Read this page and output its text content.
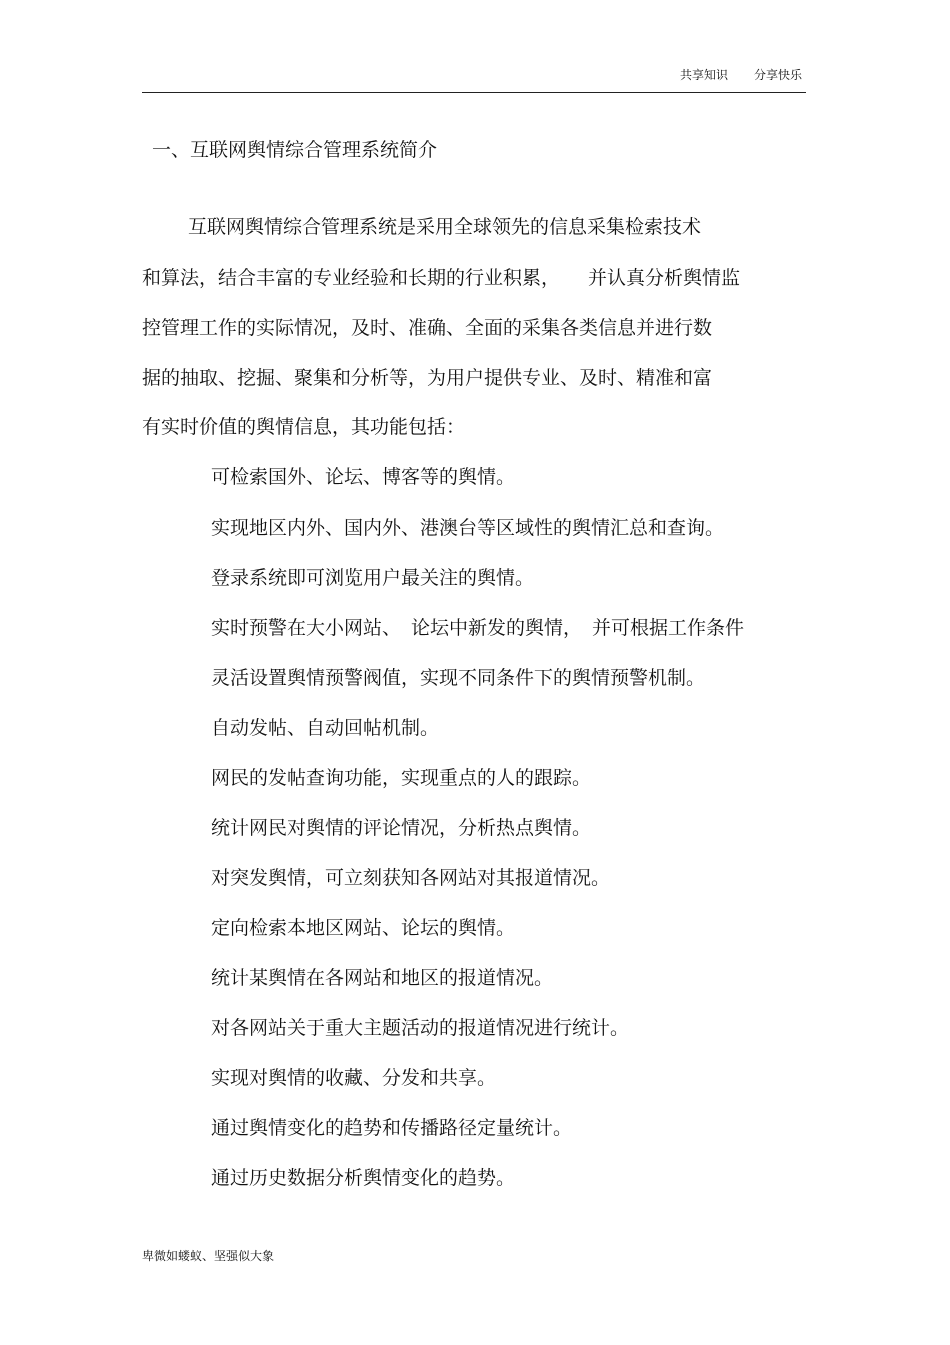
共享知识 分享快乐
一、互联网舆情综合管理系统简介

互联网舆情综合管理系统是采用全球领先的信息采集检索技术

和算法，结合丰富的专业经验和长期的行业积累， 并认真分析舆情监

控管理工作的实际情况，及时、准确、全面的采集各类信息并进行数

据的抽取、挖掘、聚集和分析等，为用户提供专业、及时、精准和富

有实时价值的舆情信息，其功能包括：

可检索国外、论坛、博客等的舆情。

实现地区内外、国内外、港澳台等区域性的舆情汇总和查询。

登录系统即可浏览用户最关注的舆情。

实时预警在大小网站、 论坛中新发的舆情， 并可根据工作条件

灵活设置舆情预警阀值，实现不同条件下的舆情预警机制。

自动发帖、自动回帖机制。

网民的发帖查询功能，实现重点的人的跟踪。

统计网民对舆情的评论情况，分析热点舆情。

对突发舆情，可立刻获知各网站对其报道情况。

定向检索本地区网站、论坛的舆情。

统计某舆情在各网站和地区的报道情况。

对各网站关于重大主题活动的报道情况进行统计。

实现对舆情的收藏、分发和共享。

通过舆情变化的趋势和传播路径定量统计。

通过历史数据分析舆情变化的趋势。

卑微如蝼蚁、坚强似大象
